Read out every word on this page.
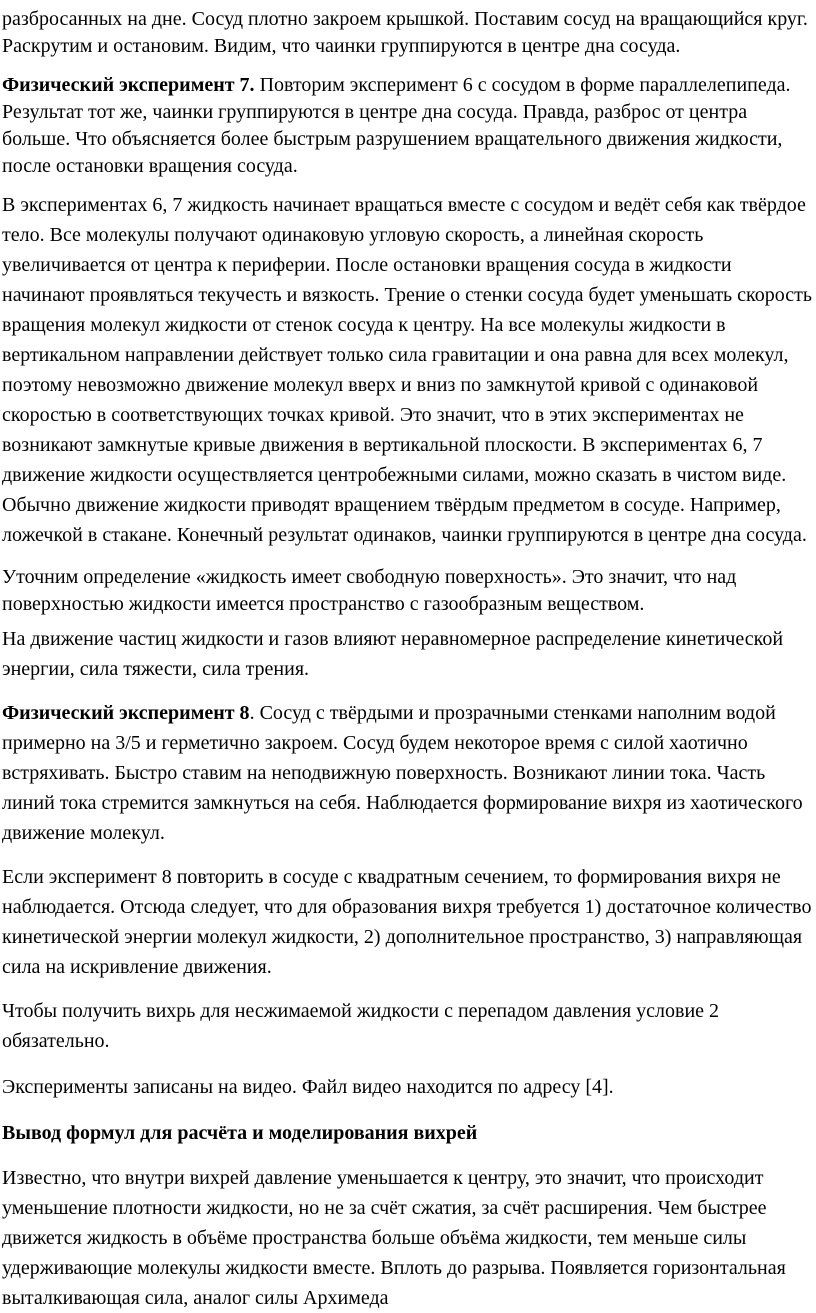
разбросанных на дне. Сосуд плотно закроем крышкой. Поставим сосуд на вращающийся круг. Раскрутим и остановим. Видим, что чаинки группируются в центре дна сосуда.

Физический эксперимент 7. Повторим эксперимент 6 с сосудом в форме параллелепипеда. Результат тот же, чаинки группируются в центре дна сосуда. Правда, разброс от центра больше. Что объясняется более быстрым разрушением вращательного движения жидкости, после остановки вращения сосуда.

В экспериментах 6, 7 жидкость начинает вращаться вместе с сосудом и ведёт себя как твёрдое тело. Все молекулы получают одинаковую угловую скорость, а линейная скорость увеличивается от центра к периферии. После остановки вращения сосуда в жидкости начинают проявляться текучесть и вязкость. Трение о стенки сосуда будет уменьшать скорость вращения молекул жидкости от стенок сосуда к центру. На все молекулы жидкости в вертикальном направлении действует только сила гравитации и она равна для всех молекул, поэтому невозможно движение молекул вверх и вниз по замкнутой кривой с одинаковой скоростью в соответствующих точках кривой. Это значит, что в этих экспериментах не возникают замкнутые кривые движения в вертикальной плоскости. В экспериментах 6, 7 движение жидкости осуществляется центробежными силами, можно сказать в чистом виде. Обычно движение жидкости приводят вращением твёрдым предметом в сосуде. Например, ложечкой в стакане. Конечный результат одинаков, чаинки группируются в центре дна сосуда.

Уточним определение «жидкость имеет свободную поверхность». Это значит, что над поверхностью жидкости имеется пространство с газообразным веществом.

На движение частиц жидкости и газов влияют неравномерное распределение кинетической энергии, сила тяжести, сила трения.

Физический эксперимент 8. Сосуд с твёрдыми и прозрачными стенками наполним водой примерно на 3/5 и герметично закроем. Сосуд будем некоторое время с силой хаотично встряхивать. Быстро ставим на неподвижную поверхность. Возникают линии тока. Часть линий тока стремится замкнуться на себя. Наблюдается формирование вихря из хаотического движение молекул.

Если эксперимент 8 повторить в сосуде с квадратным сечением, то формирования вихря не наблюдается. Отсюда следует, что для образования вихря требуется 1) достаточное количество кинетической энергии молекул жидкости, 2) дополнительное пространство, 3) направляющая сила на искривление движения.

Чтобы получить вихрь для несжимаемой жидкости с перепадом давления условие 2 обязательно.

Эксперименты записаны на видео. Файл видео находится по адресу [4].

Вывод формул для расчёта и моделирования вихрей

Известно, что внутри вихрей давление уменьшается к центру, это значит, что происходит уменьшение плотности жидкости, но не за счёт сжатия, за счёт расширения. Чем быстрее движется жидкость в объёме пространства больше объёма жидкости, тем меньше силы удерживающие молекулы жидкости вместе. Вплоть до разрыва. Появляется горизонтальная выталкивающая сила, аналог силы Архимеда
